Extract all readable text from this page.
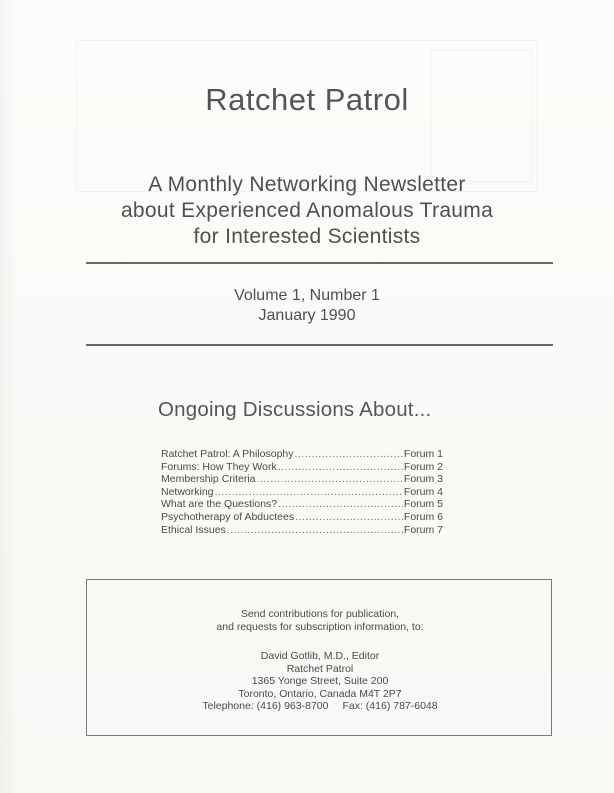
Ratchet Patrol
A Monthly Networking Newsletter
about Experienced Anomalous Trauma
for Interested Scientists
Volume 1, Number 1
January 1990
Ongoing Discussions About...
Ratchet Patrol: A Philosophy .....	Forum 1
Forums: How They Work .....	Forum 2
Membership Criteria .....	Forum 3
Networking .....	Forum 4
What are the Questions? .....	Forum 5
Psychotherapy of Abductees .....	Forum 6
Ethical Issues .....	Forum 7
Send contributions for publication,
and requests for subscription information, to:
David Gotlib, M.D., Editor
Ratchet Patrol
1365 Yonge Street, Suite 200
Toronto, Ontario, Canada M4T 2P7
Telephone: (416) 963-8700 Fax: (416) 787-6048
